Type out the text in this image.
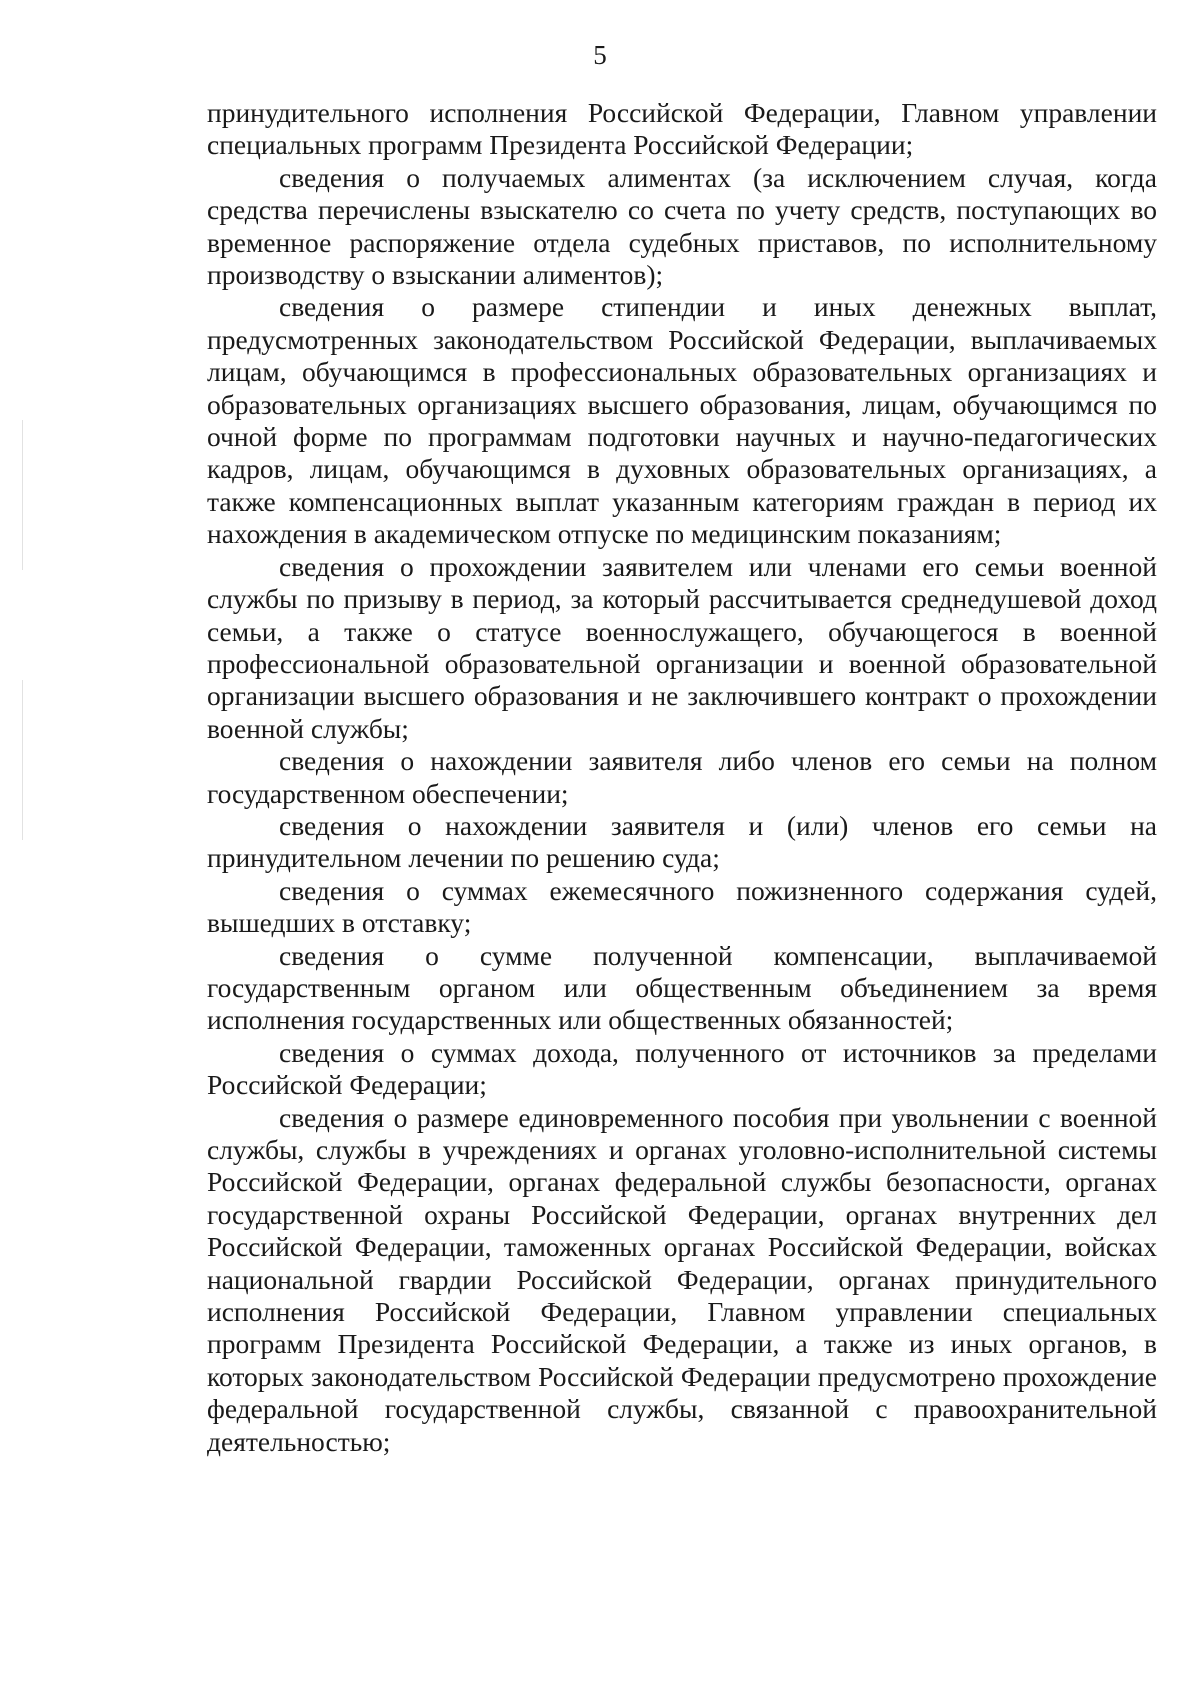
5

принудительного исполнения Российской Федерации, Главном управлении специальных программ Президента Российской Федерации;

сведения о получаемых алиментах (за исключением случая, когда средства перечислены взыскателю со счета по учету средств, поступающих во временное распоряжение отдела судебных приставов, по исполнительному производству о взыскании алиментов);

сведения о размере стипендии и иных денежных выплат, предусмотренных законодательством Российской Федерации, выплачиваемых лицам, обучающимся в профессиональных образовательных организациях и образовательных организациях высшего образования, лицам, обучающимся по очной форме по программам подготовки научных и научно-педагогических кадров, лицам, обучающимся в духовных образовательных организациях, а также компенсационных выплат указанным категориям граждан в период их нахождения в академическом отпуске по медицинским показаниям;

сведения о прохождении заявителем или членами его семьи военной службы по призыву в период, за который рассчитывается среднедушевой доход семьи, а также о статусе военнослужащего, обучающегося в военной профессиональной образовательной организации и военной образовательной организации высшего образования и не заключившего контракт о прохождении военной службы;

сведения о нахождении заявителя либо членов его семьи на полном государственном обеспечении;

сведения о нахождении заявителя и (или) членов его семьи на принудительном лечении по решению суда;

сведения о суммах ежемесячного пожизненного содержания судей, вышедших в отставку;

сведения о сумме полученной компенсации, выплачиваемой государственным органом или общественным объединением за время исполнения государственных или общественных обязанностей;

сведения о суммах дохода, полученного от источников за пределами Российской Федерации;

сведения о размере единовременного пособия при увольнении с военной службы, службы в учреждениях и органах уголовно-исполнительной системы Российской Федерации, органах федеральной службы безопасности, органах государственной охраны Российской Федерации, органах внутренних дел Российской Федерации, таможенных органах Российской Федерации, войсках национальной гвардии Российской Федерации, органах принудительного исполнения Российской Федерации, Главном управлении специальных программ Президента Российской Федерации, а также из иных органов, в которых законодательством Российской Федерации предусмотрено прохождение федеральной государственной службы, связанной с правоохранительной деятельностью;
